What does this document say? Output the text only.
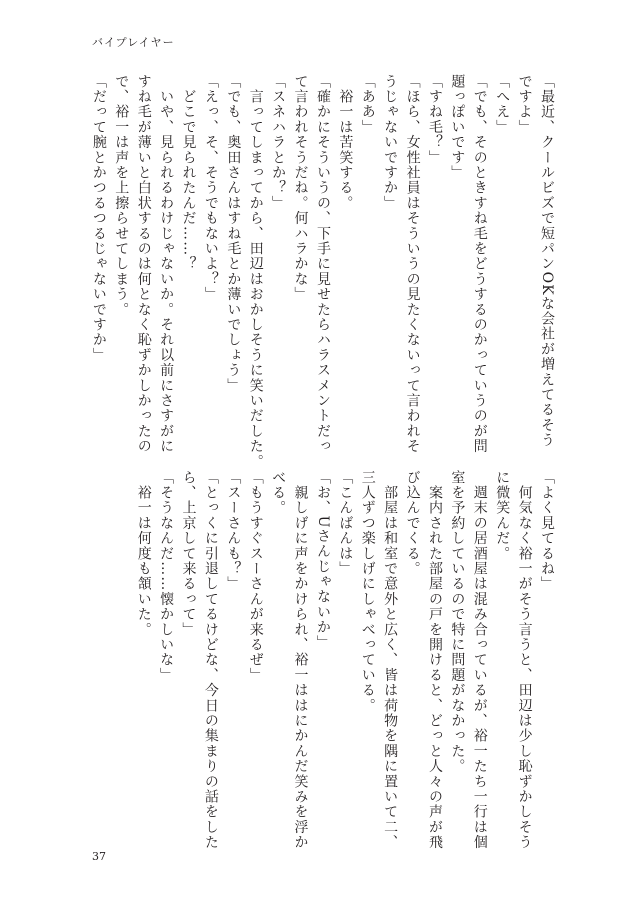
バイプレイヤー
「最近、クールビズで短パンOKな会社が増えてるそう
ですよ」
「へえ」
「でも、そのときすね毛をどうするのかっていうのが問
題っぽいです」
「すね毛？」
「ほら、女性社員はそういうの見たくないって言われそ
うじゃないですか」
「ああ」
　裕一は苦笑する。
「確かにそういうの、下手に見せたらハラスメントだっ
て言われそうだね。何ハラかな」
「スネハラとか？」
　言ってしまってから、田辺はおかしそうに笑いだした。
「でも、奥田さんはすね毛とか薄いでしょう」
「えっ、そ、そうでもないよ？」
　どこで見られたんだ……？
　いや、見られるわけじゃないか。それ以前にさすがに
すね毛が薄いと白状するのは何となく恥ずかしかったの
で、裕一は声を上擦らせてしまう。
「だって腕とかつるつるじゃないですか」
「よく見てるね」
　何気なく裕一がそう言うと、田辺は少し恥ずかしそう
に微笑んだ。
　週末の居酒屋は混み合っているが、裕一たち一行は個
室を予約しているので特に問題がなかった。
　案内された部屋の戸を開けると、どっと人々の声が飛
び込んでくる。
　部屋は和室で意外と広く、皆は荷物を隅に置いて二、
三人ずつ楽しげにしゃべっている。
「こんばんは」
「お、Uさんじゃないか」
　親しげに声をかけられ、裕一ははにかんだ笑みを浮か
べる。
「もうすぐスーさんが来るぜ」
「スーさんも？」
「とっくに引退してるけどな、今日の集まりの話をした
ら、上京して来るって」
「そうなんだ……懐かしいな」
　裕一は何度も頷いた。
37
